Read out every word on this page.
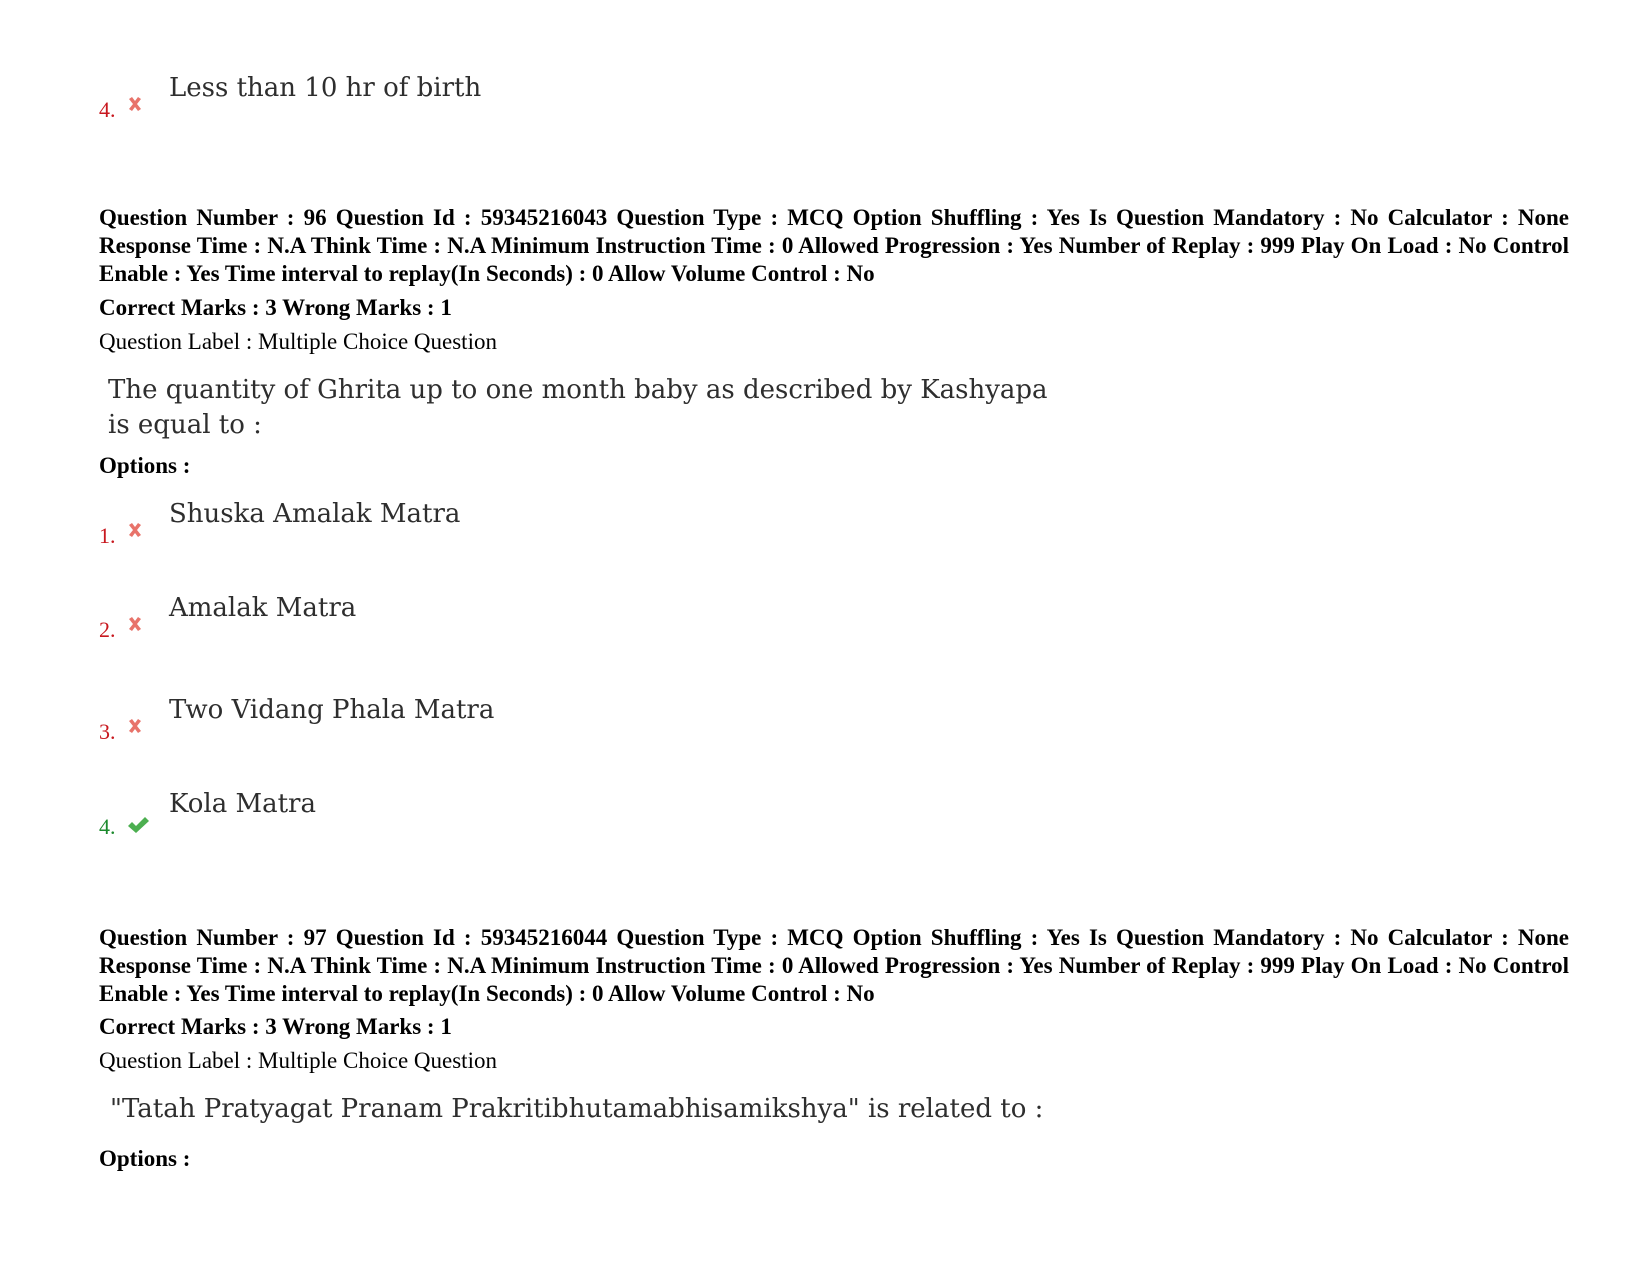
4.
Less than 10 hr of birth
Question Number : 96 Question Id : 59345216043 Question Type : MCQ Option Shuffling : Yes Is Question Mandatory : No Calculator : None Response Time : N.A Think Time : N.A Minimum Instruction Time : 0 Allowed Progression : Yes Number of Replay : 999 Play On Load : No Control Enable : Yes Time interval to replay(In Seconds) : 0 Allow Volume Control : No
Correct Marks : 3 Wrong Marks : 1
Question Label : Multiple Choice Question
The quantity of Ghrita up to one month baby as described by Kashyapa
is equal to :
Options :
1.
Shuska Amalak Matra
2.
Amalak Matra
3.
Two Vidang Phala Matra
4.
Kola Matra
Question Number : 97 Question Id : 59345216044 Question Type : MCQ Option Shuffling : Yes Is Question Mandatory : No Calculator : None Response Time : N.A Think Time : N.A Minimum Instruction Time : 0 Allowed Progression : Yes Number of Replay : 999 Play On Load : No Control Enable : Yes Time interval to replay(In Seconds) : 0 Allow Volume Control : No
Correct Marks : 3 Wrong Marks : 1
Question Label : Multiple Choice Question
"Tatah Pratyagat Pranam Prakritibhutamabhisamikshya" is related to :
Options :
